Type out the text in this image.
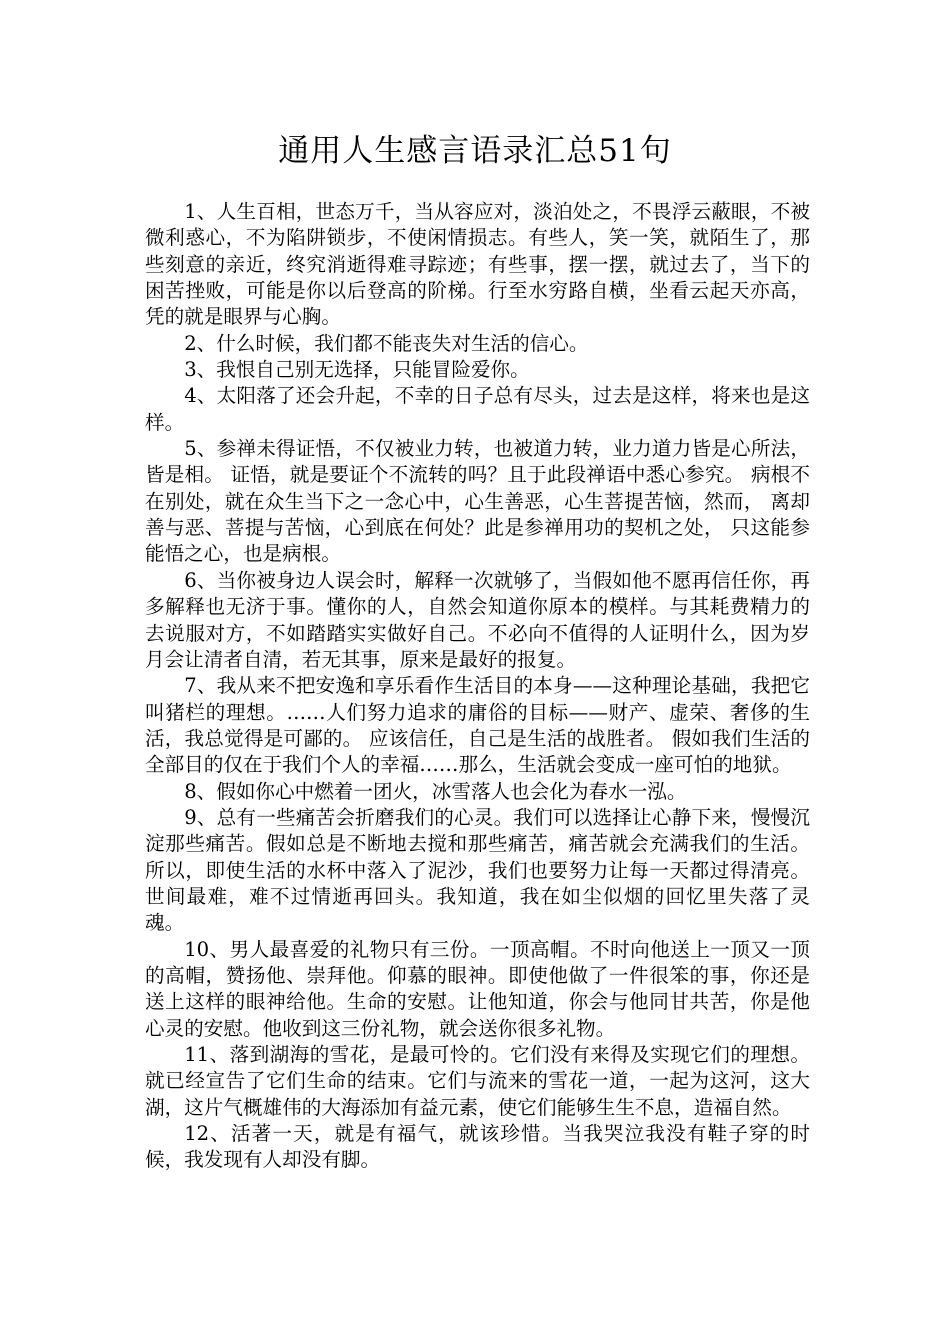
通用人生感言语录汇总51句

1、人生百相，世态万千，当从容应对，淡泊处之，不畏浮云蔽眼，不被微利惑心，不为陷阱锁步，不使闲情损志。有些人，笑一笑，就陌生了，那些刻意的亲近，终究消逝得难寻踪迹；有些事，摆一摆，就过去了，当下的困苦挫败，可能是你以后登高的阶梯。行至水穷路自横，坐看云起天亦高，凭的就是眼界与心胸。

2、什么时候，我们都不能丧失对生活的信心。

3、我恨自己别无选择，只能冒险爱你。

4、太阳落了还会升起，不幸的日子总有尽头，过去是这样，将来也是这样。

5、参禅未得证悟，不仅被业力转，也被道力转，业力道力皆是心所法，皆是相。 证悟，就是要证个不流转的吗？且于此段禅语中悉心参究。 病根不在别处，就在众生当下之一念心中，心生善恶，心生菩提苦恼，然而， 离却善与恶、菩提与苦恼，心到底在何处？此是参禅用功的契机之处， 只这能参能悟之心，也是病根。

6、当你被身边人误会时，解释一次就够了，当假如他不愿再信任你，再多解释也无济于事。懂你的人，自然会知道你原本的模样。与其耗费精力的去说服对方，不如踏踏实实做好自己。不必向不值得的人证明什么，因为岁月会让清者自清，若无其事，原来是最好的报复。

7、我从来不把安逸和享乐看作生活目的本身——这种理论基础，我把它叫猪栏的理想。……人们努力追求的庸俗的目标——财产、虚荣、奢侈的生活，我总觉得是可鄙的。 应该信任，自己是生活的战胜者。 假如我们生活的全部目的仅在于我们个人的幸福……那么，生活就会变成一座可怕的地狱。

8、假如你心中燃着一团火，冰雪落人也会化为春水一泓。

9、总有一些痛苦会折磨我们的心灵。我们可以选择让心静下来，慢慢沉淀那些痛苦。假如总是不断地去搅和那些痛苦，痛苦就会充满我们的生活。所以，即使生活的水杯中落入了泥沙，我们也要努力让每一天都过得清亮。世间最难，难不过情逝再回头。我知道，我在如尘似烟的回忆里失落了灵魂。

10、男人最喜爱的礼物只有三份。一顶高帽。不时向他送上一顶又一顶的高帽，赞扬他、崇拜他。仰慕的眼神。即使他做了一件很笨的事，你还是送上这样的眼神给他。生命的安慰。让他知道，你会与他同甘共苦，你是他心灵的安慰。他收到这三份礼物，就会送你很多礼物。

11、落到湖海的雪花，是最可怜的。它们没有来得及实现它们的理想。就已经宣告了它们生命的结束。它们与流来的雪花一道，一起为这河，这大湖，这片气概雄伟的大海添加有益元素，使它们能够生生不息，造福自然。

12、活著一天，就是有福气，就该珍惜。当我哭泣我没有鞋子穿的时候，我发现有人却没有脚。
